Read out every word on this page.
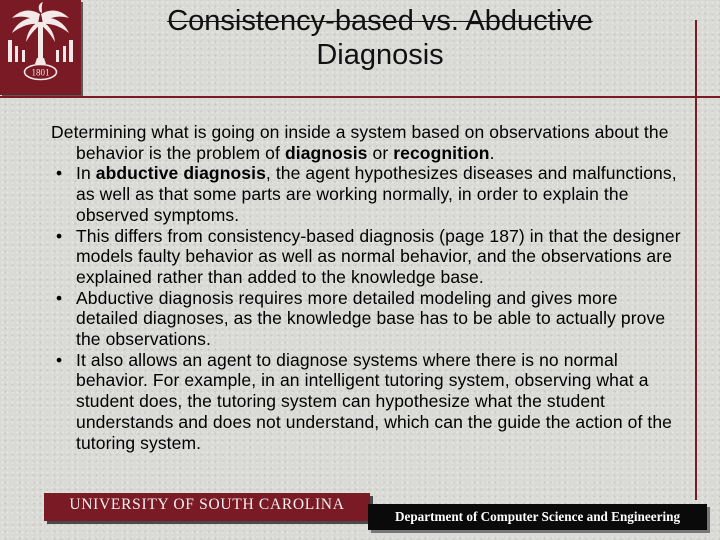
1801
Consistency-based vs. Abductive
Diagnosis

Determining what is going on inside a system based on observations about the behavior is the problem of diagnosis or recognition.

• In abductive diagnosis, the agent hypothesizes diseases and malfunctions, as well as that some parts are working normally, in order to explain the observed symptoms.
• This differs from consistency-based diagnosis (page 187) in that the designer models faulty behavior as well as normal behavior, and the observations are explained rather than added to the knowledge base.
• Abductive diagnosis requires more detailed modeling and gives more detailed diagnoses, as the knowledge base has to be able to actually prove the observations.
• It also allows an agent to diagnose systems where there is no normal behavior. For example, in an intelligent tutoring system, observing what a student does, the tutoring system can hypothesize what the student understands and does not understand, which can the guide the action of the tutoring system.
UNIVERSITY OF SOUTH CAROLINA
Department of Computer Science and Engineering
